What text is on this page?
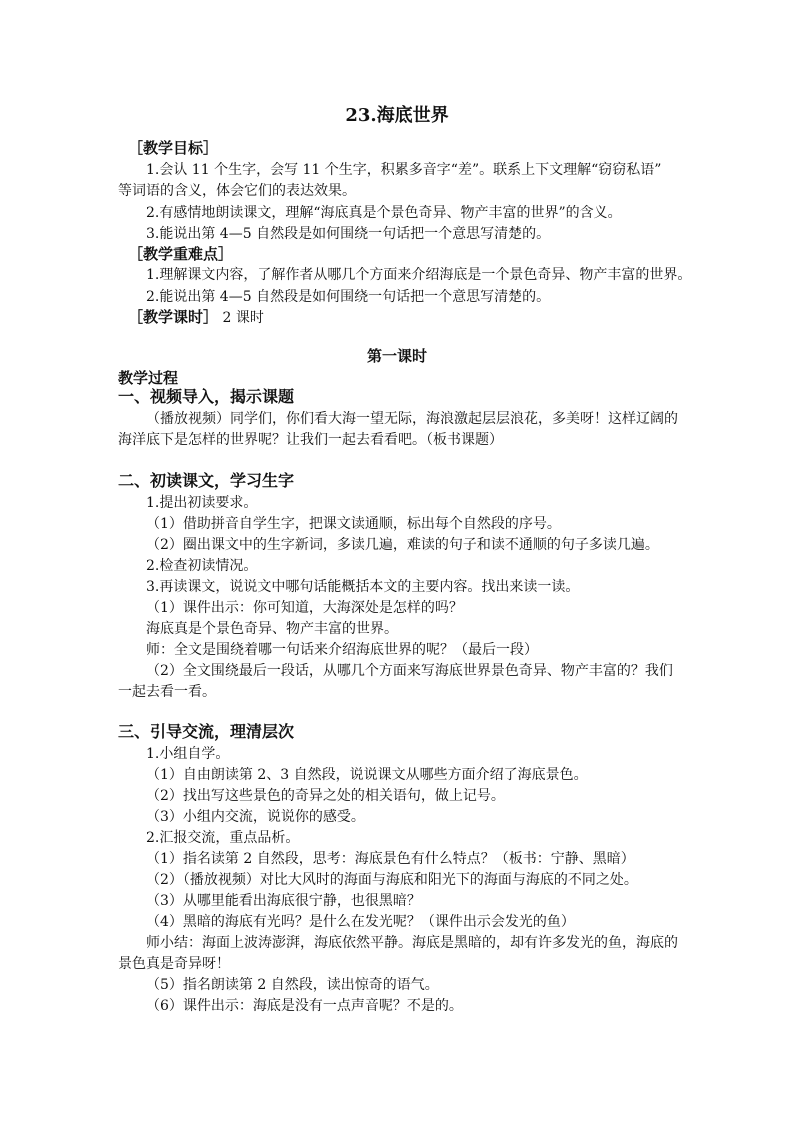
23.海底世界
［教学目标］
1.会认 11 个生字，会写 11 个生字，积累多音字“差”。联系上下文理解“窃窃私语”
等词语的含义，体会它们的表达效果。
2.有感情地朗读课文，理解“海底真是个景色奇异、物产丰富的世界”的含义。
3.能说出第 4—5 自然段是如何围绕一句话把一个意思写清楚的。
［教学重难点］
1.理解课文内容，了解作者从哪几个方面来介绍海底是一个景色奇异、物产丰富的世界。
2.能说出第 4—5 自然段是如何围绕一句话把一个意思写清楚的。
［教学课时］ 2 课时
第一课时
教学过程
一、视频导入，揭示课题
（播放视频）同学们，你们看大海一望无际，海浪激起层层浪花，多美呀！这样辽阔的
海洋底下是怎样的世界呢？让我们一起去看看吧。（板书课题）
二、初读课文，学习生字
1.提出初读要求。
（1）借助拼音自学生字，把课文读通顺，标出每个自然段的序号。
（2）圈出课文中的生字新词，多读几遍，难读的句子和读不通顺的句子多读几遍。
2.检查初读情况。
3.再读课文，说说文中哪句话能概括本文的主要内容。找出来读一读。
（1）课件出示：你可知道，大海深处是怎样的吗？
海底真是个景色奇异、物产丰富的世界。
师：全文是围绕着哪一句话来介绍海底世界的呢？（最后一段）
（2）全文围绕最后一段话，从哪几个方面来写海底世界景色奇异、物产丰富的？我们
一起去看一看。
三、引导交流，理清层次
1.小组自学。
（1）自由朗读第 2、3 自然段，说说课文从哪些方面介绍了海底景色。
（2）找出写这些景色的奇异之处的相关语句，做上记号。
（3）小组内交流，说说你的感受。
2.汇报交流，重点品析。
（1）指名读第 2 自然段，思考：海底景色有什么特点？（板书：宁静、黑暗）
（2）（播放视频）对比大风时的海面与海底和阳光下的海面与海底的不同之处。
（3）从哪里能看出海底很宁静，也很黑暗？
（4）黑暗的海底有光吗？是什么在发光呢？（课件出示会发光的鱼）
师小结：海面上波涛澎湃，海底依然平静。海底是黑暗的，却有许多发光的鱼，海底的
景色真是奇异呀！
（5）指名朗读第 2 自然段，读出惊奇的语气。
（6）课件出示：海底是没有一点声音呢？不是的。
